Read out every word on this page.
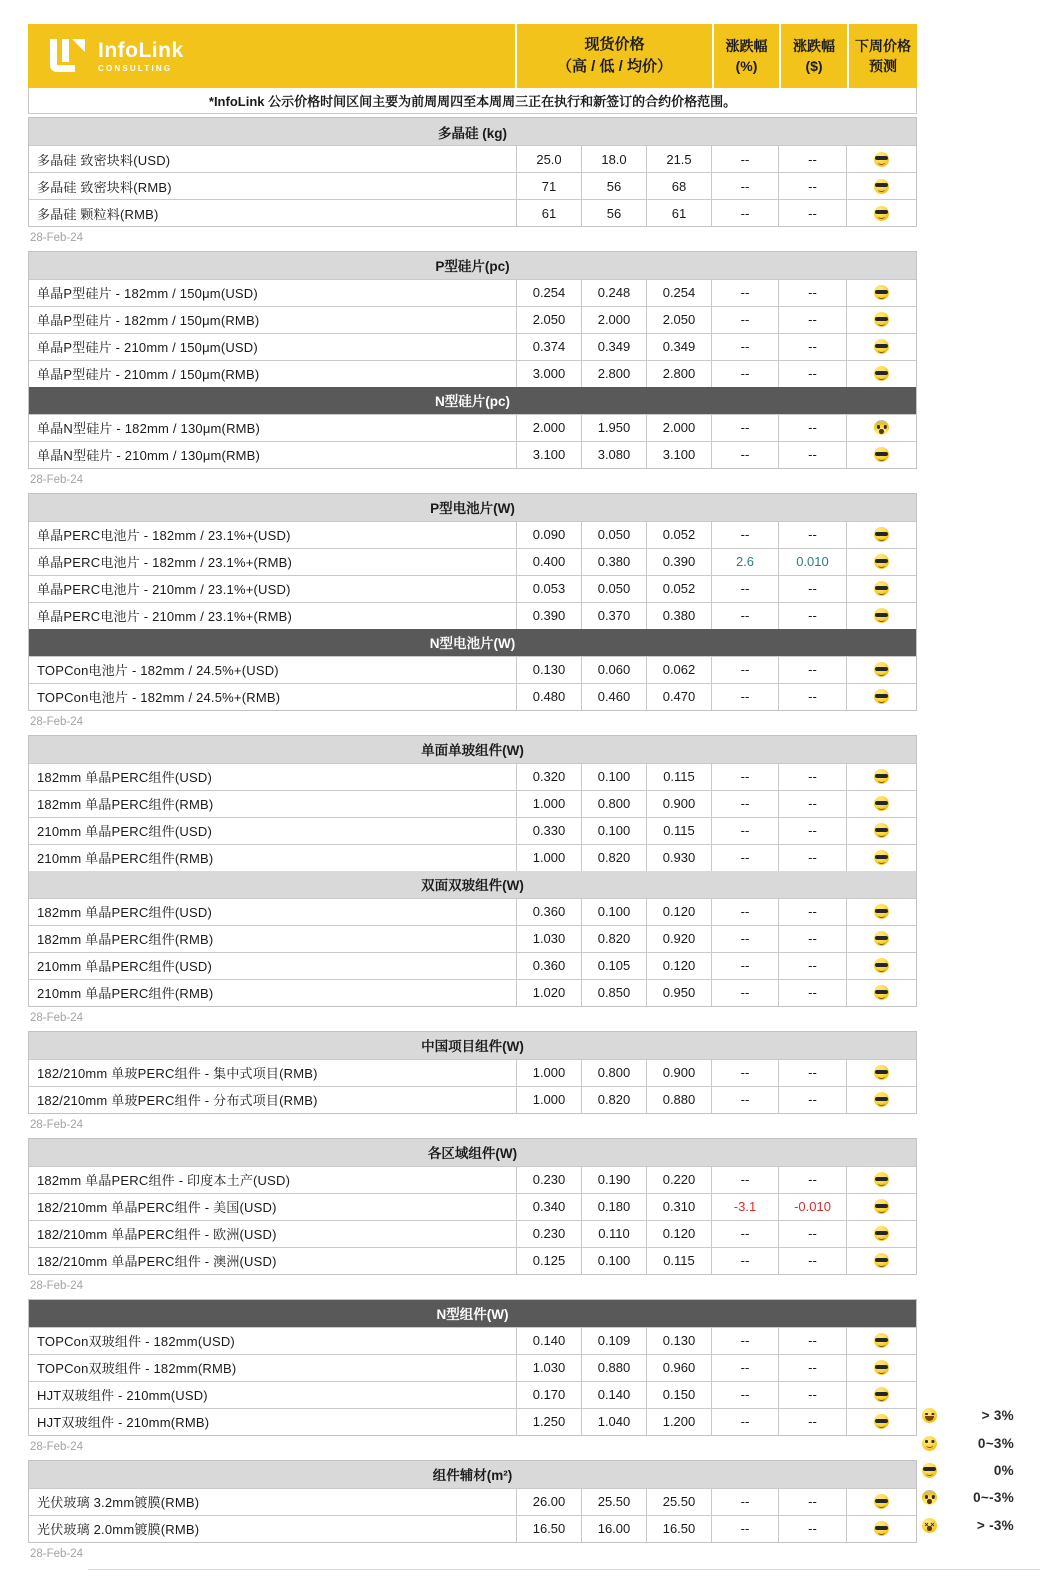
InfoLink
CONSULTING
现货价格
（高 / 低 / 均价）
涨跌幅
(%)
涨跌幅
($)
下周价格
预测
*InfoLink 公示价格时间区间主要为前周周四至本周周三正在执行和新签订的合约价格范围。
多晶硅 (kg)
多晶硅 致密块料(USD)	25.0	18.0	21.5	--	--
多晶硅 致密块料(RMB)	71	56	68	--	--
多晶硅 颗粒料(RMB)	61	56	61	--	--
28-Feb-24
P型硅片(pc)
单晶P型硅片 - 182mm / 150μm(USD)	0.254	0.248	0.254	--	--
单晶P型硅片 - 182mm / 150μm(RMB)	2.050	2.000	2.050	--	--
单晶P型硅片 - 210mm / 150μm(USD)	0.374	0.349	0.349	--	--
单晶P型硅片 - 210mm / 150μm(RMB)	3.000	2.800	2.800	--	--
N型硅片(pc)
单晶N型硅片 - 182mm / 130μm(RMB)	2.000	1.950	2.000	--	--
单晶N型硅片 - 210mm / 130μm(RMB)	3.100	3.080	3.100	--	--
28-Feb-24
P型电池片(W)
单晶PERC电池片 - 182mm / 23.1%+(USD)	0.090	0.050	0.052	--	--
单晶PERC电池片 - 182mm / 23.1%+(RMB)	0.400	0.380	0.390	2.6	0.010
单晶PERC电池片 - 210mm / 23.1%+(USD)	0.053	0.050	0.052	--	--
单晶PERC电池片 - 210mm / 23.1%+(RMB)	0.390	0.370	0.380	--	--
N型电池片(W)
TOPCon电池片 - 182mm / 24.5%+(USD)	0.130	0.060	0.062	--	--
TOPCon电池片 - 182mm / 24.5%+(RMB)	0.480	0.460	0.470	--	--
28-Feb-24
单面单玻组件(W)
182mm 单晶PERC组件(USD)	0.320	0.100	0.115	--	--
182mm 单晶PERC组件(RMB)	1.000	0.800	0.900	--	--
210mm 单晶PERC组件(USD)	0.330	0.100	0.115	--	--
210mm 单晶PERC组件(RMB)	1.000	0.820	0.930	--	--
双面双玻组件(W)
182mm 单晶PERC组件(USD)	0.360	0.100	0.120	--	--
182mm 单晶PERC组件(RMB)	1.030	0.820	0.920	--	--
210mm 单晶PERC组件(USD)	0.360	0.105	0.120	--	--
210mm 单晶PERC组件(RMB)	1.020	0.850	0.950	--	--
28-Feb-24
中国项目组件(W)
182/210mm 单玻PERC组件 - 集中式项目(RMB)	1.000	0.800	0.900	--	--
182/210mm 单玻PERC组件 - 分布式项目(RMB)	1.000	0.820	0.880	--	--
28-Feb-24
各区域组件(W)
182mm 单晶PERC组件 - 印度本土产(USD)	0.230	0.190	0.220	--	--
182/210mm 单晶PERC组件 - 美国(USD)	0.340	0.180	0.310	-3.1	-0.010
182/210mm 单晶PERC组件 - 欧洲(USD)	0.230	0.110	0.120	--	--
182/210mm 单晶PERC组件 - 澳洲(USD)	0.125	0.100	0.115	--	--
28-Feb-24
N型组件(W)
TOPCon双玻组件 - 182mm(USD)	0.140	0.109	0.130	--	--
TOPCon双玻组件 - 182mm(RMB)	1.030	0.880	0.960	--	--
HJT双玻组件 - 210mm(USD)	0.170	0.140	0.150	--	--
HJT双玻组件 - 210mm(RMB)	1.250	1.040	1.200	--	--
28-Feb-24
组件辅材(m²)
光伏玻璃 3.2mm镀膜(RMB)	26.00	25.50	25.50	--	--
光伏玻璃 2.0mm镀膜(RMB)	16.50	16.00	16.50	--	--
28-Feb-24
> 3%
0~3%
0%
0~-3%
× ×
> -3%
